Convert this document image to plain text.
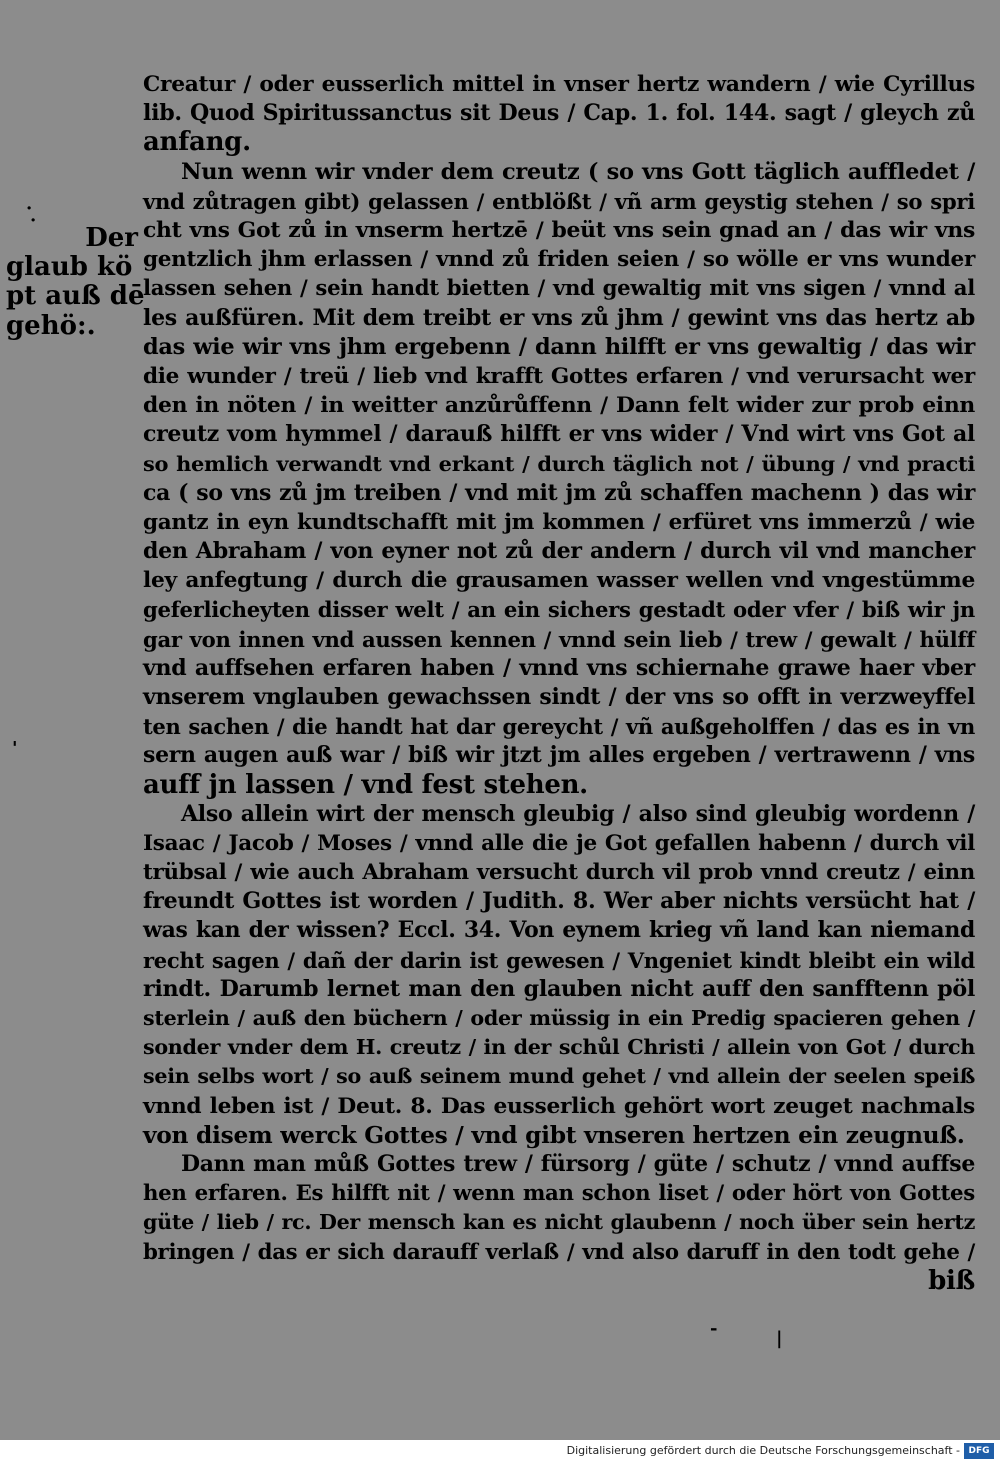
Der
glaub kö
pt auß dē
gehö:.
·
·
'
-	|
Creatur / oder eusserlich mittel in vnser hertz wandern / wie Cyrillus
lib. Quod Spiritussanctus sit Deus / Cap. 1. fol. 144. sagt / gleych zů
anfang.
Nun wenn wir vnder dem creutz ( so vns Gott täglich auffledet /
vnd zůtragen gibt) gelassen / entblößt / vñ arm geystig stehen / so spri
cht vns Got zů in vnserm hertzē / beüt vns sein gnad an / das wir vns
gentzlich jhm erlassen / vnnd zů friden seien / so wölle er vns wunder
lassen sehen / sein handt bietten / vnd gewaltig mit vns sigen / vnnd al
les außfüren. Mit dem treibt er vns zů jhm / gewint vns das hertz ab
das wie wir vns jhm ergebenn / dann hilfft er vns gewaltig / das wir
die wunder / treü / lieb vnd krafft Gottes erfaren / vnd verursacht wer
den in nöten / in weitter anzůrůffenn / Dann felt wider zur prob einn
creutz vom hymmel / darauß hilfft er vns wider / Vnd wirt vns Got al
so hemlich verwandt vnd erkant / durch täglich not / übung / vnd practi
ca ( so vns zů jm treiben / vnd mit jm zů schaffen machenn ) das wir
gantz in eyn kundtschafft mit jm kommen / erfüret vns immerzů / wie
den Abraham / von eyner not zů der andern / durch vil vnd mancher
ley anfegtung / durch die grausamen wasser wellen vnd vngestümme
geferlicheyten disser welt / an ein sichers gestadt oder vfer / biß wir jn
gar von innen vnd aussen kennen / vnnd sein lieb / trew / gewalt / hülff
vnd auffsehen erfaren haben / vnnd vns schiernahe grawe haer vber
vnserem vnglauben gewachssen sindt / der vns so offt in verzweyffel
ten sachen / die handt hat dar gereycht / vñ außgeholffen / das es in vn
sern augen auß war / biß wir jtzt jm alles ergeben / vertrawenn / vns
auff jn lassen / vnd fest stehen.
Also allein wirt der mensch gleubig / also sind gleubig wordenn /
Isaac / Jacob / Moses / vnnd alle die je Got gefallen habenn / durch vil
trübsal / wie auch Abraham versucht durch vil prob vnnd creutz / einn
freundt Gottes ist worden / Judith. 8. Wer aber nichts versücht hat /
was kan der wissen? Eccl. 34. Von eynem krieg vñ land kan niemand
recht sagen / dañ der darin ist gewesen / Vngeniet kindt bleibt ein wild
rindt. Darumb lernet man den glauben nicht auff den sanfftenn pöl
sterlein / auß den büchern / oder müssig in ein Predig spacieren gehen /
sonder vnder dem H. creutz / in der schůl Christi / allein von Got / durch
sein selbs wort / so auß seinem mund gehet / vnd allein der seelen speiß
vnnd leben ist / Deut. 8. Das eusserlich gehört wort zeuget nachmals
von disem werck Gottes / vnd gibt vnseren hertzen ein zeugnuß.
Dann man můß Gottes trew / fürsorg / güte / schutz / vnnd auffse
hen erfaren. Es hilfft nit / wenn man schon liset / oder hört von Gottes
güte / lieb / rc. Der mensch kan es nicht glaubenn / noch über sein hertz
bringen / das er sich darauff verlaß / vnd also daruff in den todt gehe /
biß
Digitalisierung gefördert durch die Deutsche Forschungsgemeinschaft - DFG
